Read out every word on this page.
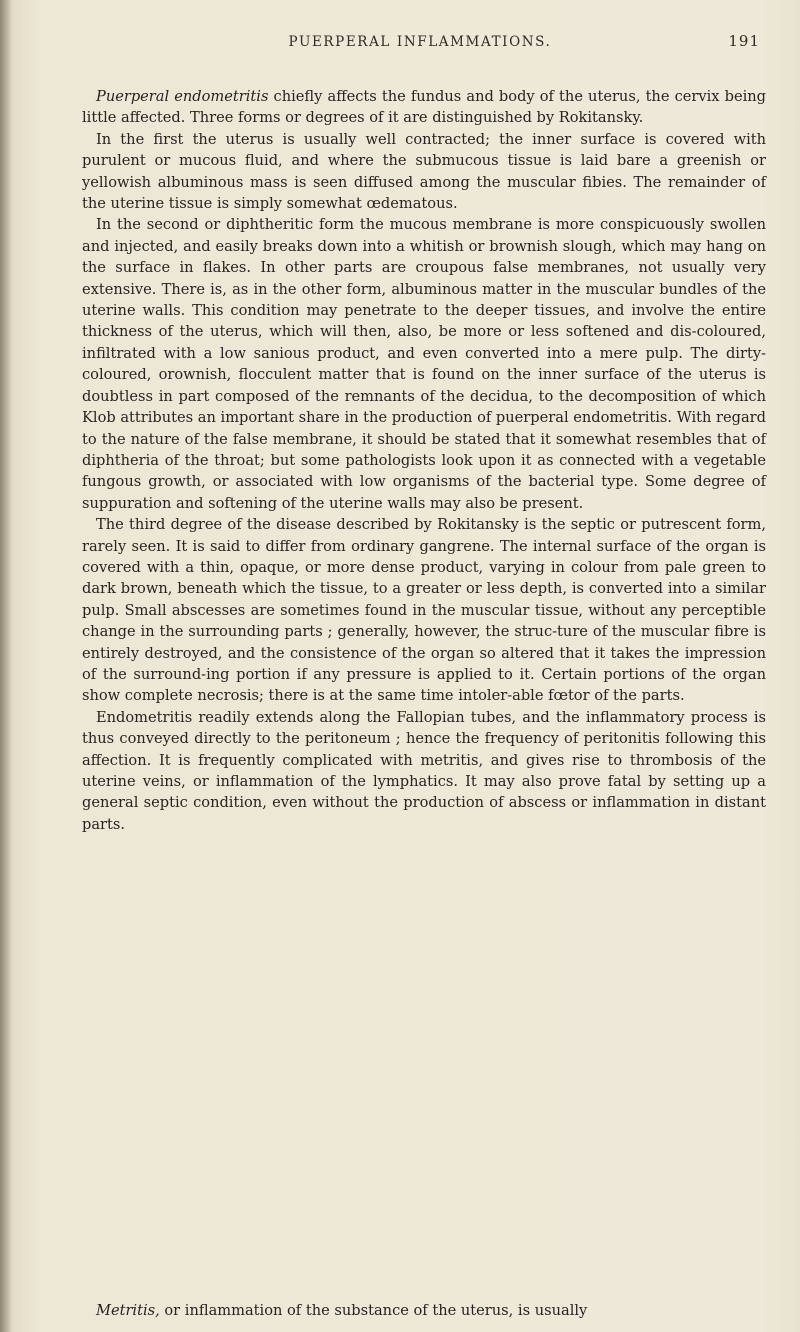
PUERPERAL INFLAMMATIONS.	191

Puerperal endometritis chiefly affects the fundus and body of the uterus, the cervix being little affected. Three forms or degrees of it are distinguished by Rokitansky.

In the first the uterus is usually well contracted; the inner surface is covered with purulent or mucous fluid, and where the submucous tissue is laid bare a greenish or yellowish albuminous mass is seen diffused among the muscular fibies. The remainder of the uterine tissue is simply somewhat œdematous.

In the second or diphtheritic form the mucous membrane is more conspicuously swollen and injected, and easily breaks down into a whitish or brownish slough, which may hang on the surface in flakes. In other parts are croupous false membranes, not usually very extensive. There is, as in the other form, albuminous matter in the muscular bundles of the uterine walls. This condition may penetrate to the deeper tissues, and involve the entire thickness of the uterus, which will then, also, be more or less softened and dis-coloured, infiltrated with a low sanious product, and even converted into a mere pulp. The dirty-coloured, orownish, flocculent matter that is found on the inner surface of the uterus is doubtless in part composed of the remnants of the decidua, to the decomposition of which Klob attributes an important share in the production of puerperal endometritis. With regard to the nature of the false membrane, it should be stated that it somewhat resembles that of diphtheria of the throat; but some pathologists look upon it as connected with a vegetable fungous growth, or associated with low organisms of the bacterial type. Some degree of suppuration and softening of the uterine walls may also be present.

The third degree of the disease described by Rokitansky is the septic or putrescent form, rarely seen. It is said to differ from ordinary gangrene. The internal surface of the organ is covered with a thin, opaque, or more dense product, varying in colour from pale green to dark brown, beneath which the tissue, to a greater or less depth, is converted into a similar pulp. Small abscesses are sometimes found in the muscular tissue, without any perceptible change in the surrounding parts ; generally, however, the struc-ture of the muscular fibre is entirely destroyed, and the consistence of the organ so altered that it takes the impression of the surround-ing portion if any pressure is applied to it. Certain portions of the organ show complete necrosis; there is at the same time intoler-able fœtor of the parts.

Endometritis readily extends along the Fallopian tubes, and the inflammatory process is thus conveyed directly to the peritoneum ; hence the frequency of peritonitis following this affection. It is frequently complicated with metritis, and gives rise to thrombosis of the uterine veins, or inflammation of the lymphatics. It may also prove fatal by setting up a general septic condition, even without the production of abscess or inflammation in distant parts.

Metritis, or inflammation of the substance of the uterus, is usually
